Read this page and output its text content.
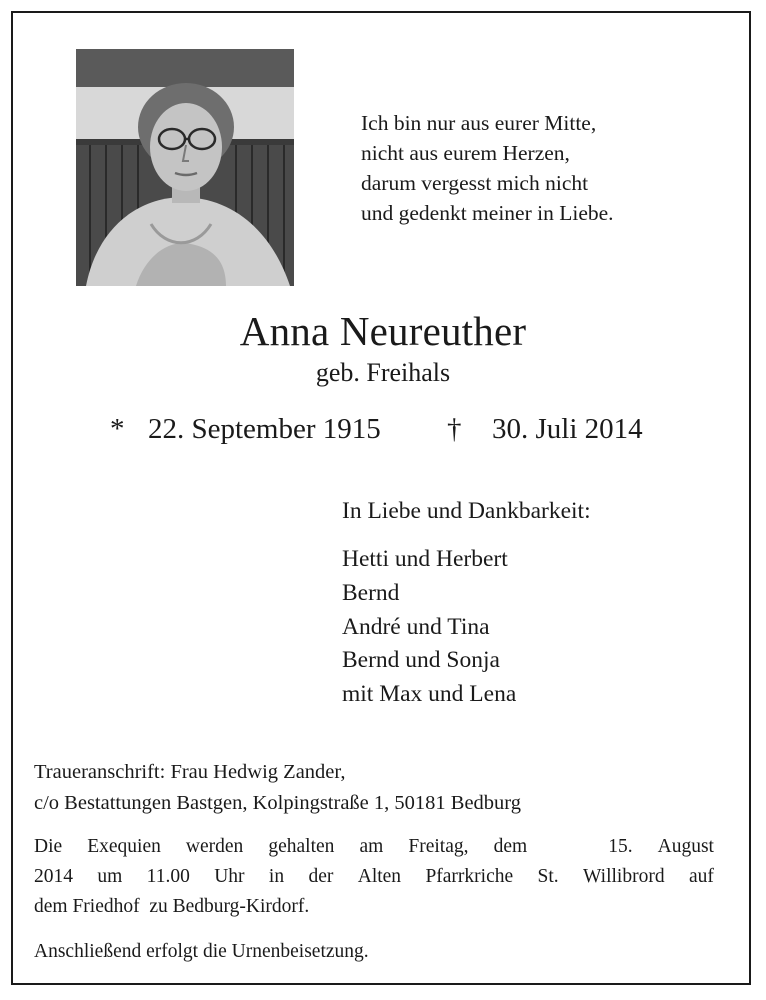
Ich bin nur aus eurer Mitte,
nicht aus eurem Herzen,
darum vergesst mich nicht
und gedenkt meiner in Liebe.
Anna Neureuther
geb. Freihals
* 22. September 1915 † 30. Juli 2014
In Liebe und Dankbarkeit:
Hetti und Herbert
Bernd
André und Tina
Bernd und Sonja
mit Max und Lena
Traueranschrift: Frau Hedwig Zander,
c/o Bestattungen Bastgen, Kolpingstraße 1, 50181 Bedburg
Die Exequien werden gehalten am Freitag, dem	15. August
2014 um 11.00 Uhr in der Alten Pfarrkriche St. Willibrord auf
dem Friedhof  zu Bedburg-Kirdorf.
Anschließend erfolgt die Urnenbeisetzung.
